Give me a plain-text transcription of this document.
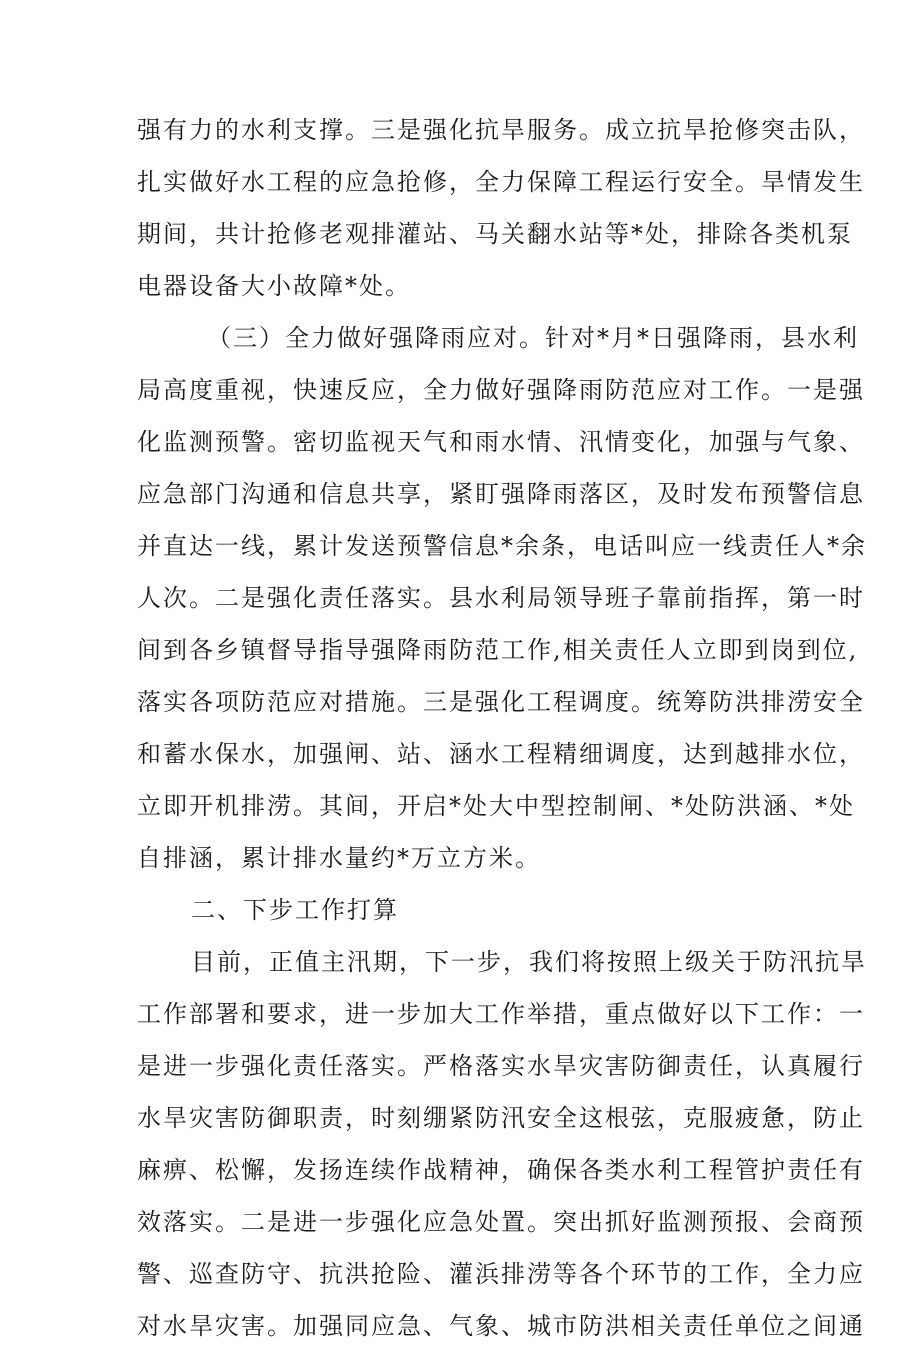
强有力的水利支撑。三是强化抗旱服务。成立抗旱抢修突击队，
扎实做好水工程的应急抢修，全力保障工程运行安全。旱情发生
期间，共计抢修老观排灌站、马关翻水站等*处，排除各类机泵
电器设备大小故障*处。
（三）全力做好强降雨应对。针对*月*日强降雨，县水利
局高度重视，快速反应，全力做好强降雨防范应对工作。一是强
化监测预警。密切监视天气和雨水情、汛情变化，加强与气象、
应急部门沟通和信息共享，紧盯强降雨落区，及时发布预警信息
并直达一线，累计发送预警信息*余条，电话叫应一线责任人*余
人次。二是强化责任落实。县水利局领导班子靠前指挥，第一时
间到各乡镇督导指导强降雨防范工作,相关责任人立即到岗到位,
落实各项防范应对措施。三是强化工程调度。统筹防洪排涝安全
和蓄水保水，加强闸、站、涵水工程精细调度，达到越排水位，
立即开机排涝。其间，开启*处大中型控制闸、*处防洪涵、*处
自排涵，累计排水量约*万立方米。
二、下步工作打算
目前，正值主汛期，下一步，我们将按照上级关于防汛抗旱
工作部署和要求，进一步加大工作举措，重点做好以下工作：一
是进一步强化责任落实。严格落实水旱灾害防御责任，认真履行
水旱灾害防御职责，时刻绷紧防汛安全这根弦，克服疲惫，防止
麻痹、松懈，发扬连续作战精神，确保各类水利工程管护责任有
效落实。二是进一步强化应急处置。突出抓好监测预报、会商预
警、巡查防守、抗洪抢险、灌浜排涝等各个环节的工作，全力应
对水旱灾害。加强同应急、气象、城市防洪相关责任单位之间通
